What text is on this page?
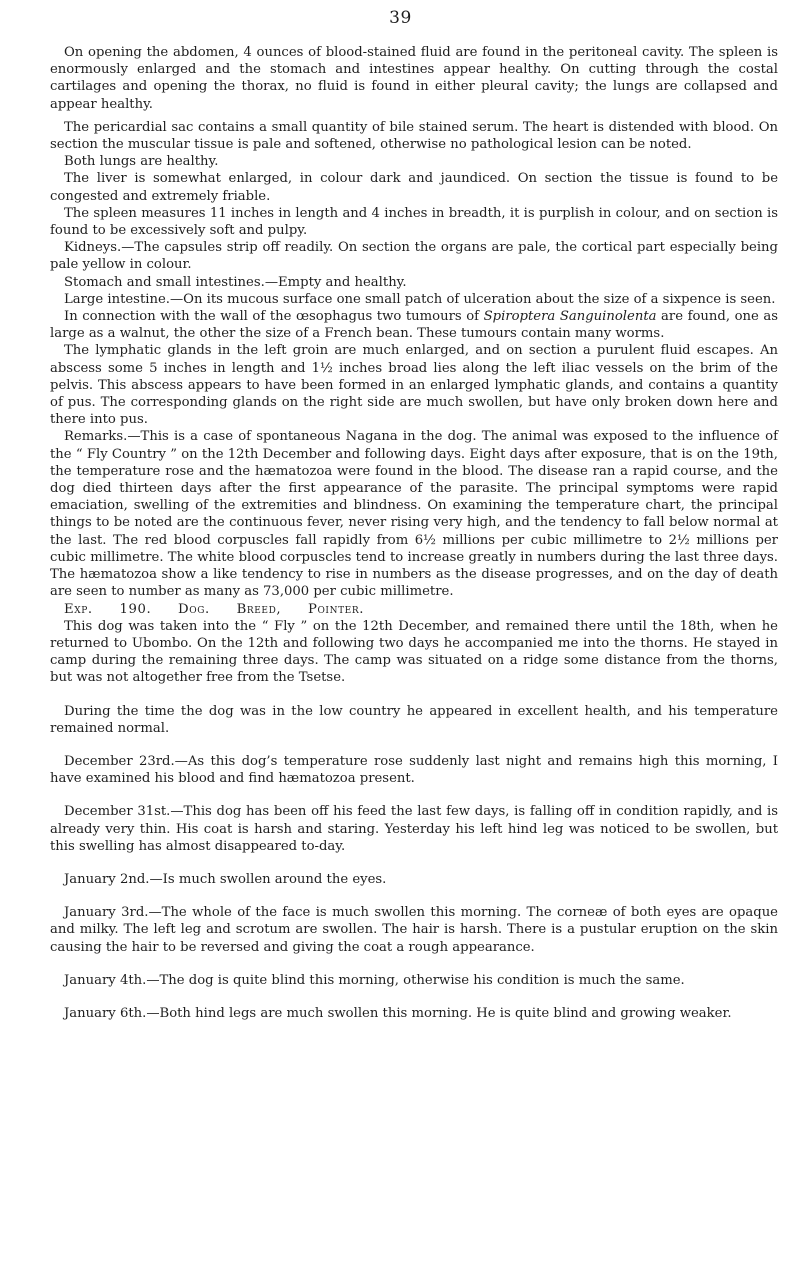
39

On opening the abdomen, 4 ounces of blood-stained fluid are found in the peritoneal cavity. The spleen is enormously enlarged and the stomach and intestines appear healthy. On cutting through the costal cartilages and opening the thorax, no fluid is found in either pleural cavity; the lungs are collapsed and appear healthy.

The pericardial sac contains a small quantity of bile stained serum. The heart is distended with blood. On section the muscular tissue is pale and softened, otherwise no pathological lesion can be noted.

Both lungs are healthy.

The liver is somewhat enlarged, in colour dark and jaundiced. On section the tissue is found to be congested and extremely friable.

The spleen measures 11 inches in length and 4 inches in breadth, it is purplish in colour, and on section is found to be excessively soft and pulpy.

Kidneys.—The capsules strip off readily. On section the organs are pale, the cortical part especially being pale yellow in colour.

Stomach and small intestines.—Empty and healthy.

Large intestine.—On its mucous surface one small patch of ulceration about the size of a sixpence is seen.

In connection with the wall of the œsophagus two tumours of Spiroptera Sanguinolenta are found, one as large as a walnut, the other the size of a French bean. These tumours contain many worms.

The lymphatic glands in the left groin are much enlarged, and on section a purulent fluid escapes. An abscess some 5 inches in length and 1½ inches broad lies along the left iliac vessels on the brim of the pelvis. This abscess appears to have been formed in an enlarged lymphatic glands, and contains a quantity of pus. The corresponding glands on the right side are much swollen, but have only broken down here and there into pus.

Remarks.—This is a case of spontaneous Nagana in the dog. The animal was exposed to the influence of the “ Fly Country ” on the 12th December and following days. Eight days after exposure, that is on the 19th, the temperature rose and the hæmatozoa were found in the blood. The disease ran a rapid course, and the dog died thirteen days after the first appearance of the parasite. The principal symptoms were rapid emaciation, swelling of the extremities and blindness. On examining the temperature chart, the principal things to be noted are the continuous fever, never rising very high, and the tendency to fall below normal at the last. The red blood corpuscles fall rapidly from 6½ millions per cubic millimetre to 2½ millions per cubic millimetre. The white blood corpuscles tend to increase greatly in numbers during the last three days. The hæmatozoa show a like tendency to rise in numbers as the disease progresses, and on the day of death are seen to number as many as 73,000 per cubic millimetre.

Exp. 190. Dog. Breed, Pointer.

This dog was taken into the “ Fly ” on the 12th December, and remained there until the 18th, when he returned to Ubombo. On the 12th and following two days he accompanied me into the thorns. He stayed in camp during the remaining three days. The camp was situated on a ridge some distance from the thorns, but was not altogether free from the Tsetse.

During the time the dog was in the low country he appeared in excellent health, and his temperature remained normal.

December 23rd.—As this dog’s temperature rose suddenly last night and remains high this morning, I have examined his blood and find hæmatozoa present.

December 31st.—This dog has been off his feed the last few days, is falling off in condition rapidly, and is already very thin. His coat is harsh and staring. Yesterday his left hind leg was noticed to be swollen, but this swelling has almost disappeared to-day.

January 2nd.—Is much swollen around the eyes.

January 3rd.—The whole of the face is much swollen this morning. The corneæ of both eyes are opaque and milky. The left leg and scrotum are swollen. The hair is harsh. There is a pustular eruption on the skin causing the hair to be reversed and giving the coat a rough appearance.

January 4th.—The dog is quite blind this morning, otherwise his condition is much the same.

January 6th.—Both hind legs are much swollen this morning. He is quite blind and growing weaker.
